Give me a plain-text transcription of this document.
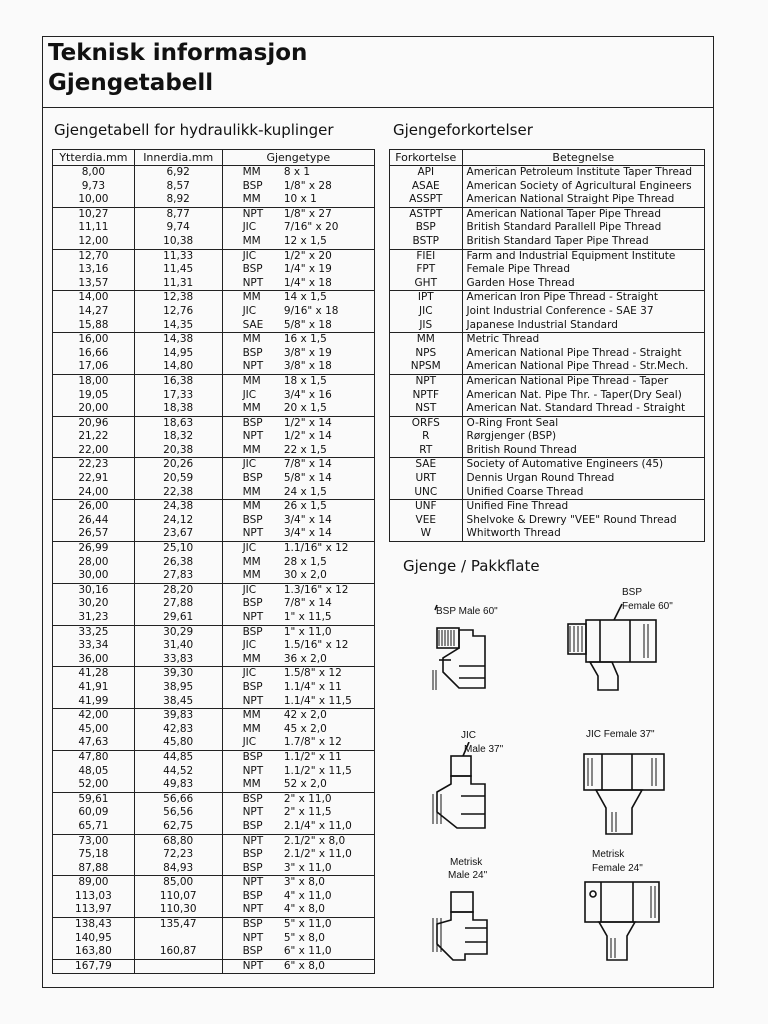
Teknisk informasjon
Gjengetabell
Gjengetabell for hydraulikk-kuplinger	Gjengeforkortelser
Ytterdia.mm	Innerdia.mm	Gjengetype	
8,00	6,92	MM	8 x 1
9,73	8,57	BSP	1/8" x 28
10,00	8,92	MM	10 x 1
10,27	8,77	NPT	1/8" x 27
11,11	9,74	JIC	7/16" x 20
12,00	10,38	MM	12 x 1,5
12,70	11,33	JIC	1/2" x 20
13,16	11,45	BSP	1/4" x 19
13,57	11,31	NPT	1/4" x 18
14,00	12,38	MM	14 x 1,5
14,27	12,76	JIC	9/16" x 18
15,88	14,35	SAE	5/8" x 18
16,00	14,38	MM	16 x 1,5
16,66	14,95	BSP	3/8" x 19
17,06	14,80	NPT	3/8" x 18
18,00	16,38	MM	18 x 1,5
19,05	17,33	JIC	3/4" x 16
20,00	18,38	MM	20 x 1,5
20,96	18,63	BSP	1/2" x 14
21,22	18,32	NPT	1/2" x 14
22,00	20,38	MM	22 x 1,5
22,23	20,26	JIC	7/8" x 14
22,91	20,59	BSP	5/8" x 14
24,00	22,38	MM	24 x 1,5
26,00	24,38	MM	26 x 1,5
26,44	24,12	BSP	3/4" x 14
26,57	23,67	NPT	3/4" x 14
26,99	25,10	JIC	1.1/16" x 12
28,00	26,38	MM	28 x 1,5
30,00	27,83	MM	30 x 2,0
30,16	28,20	JIC	1.3/16" x 12
30,20	27,88	BSP	7/8" x 14
31,23	29,61	NPT	1" x 11,5
33,25	30,29	BSP	1" x 11,0
33,34	31,40	JIC	1.5/16" x 12
36,00	33,83	MM	36 x 2,0
41,28	39,30	JIC	1.5/8" x 12
41,91	38,95	BSP	1.1/4" x 11
41,99	38,45	NPT	1.1/4" x 11,5
42,00	39,83	MM	42 x 2,0
45,00	42,83	MM	45 x 2,0
47,63	45,80	JIC	1.7/8" x 12
47,80	44,85	BSP	1.1/2" x 11
48,05	44,52	NPT	1.1/2" x 11,5
52,00	49,83	MM	52 x 2,0
59,61	56,66	BSP	2" x 11,0
60,09	56,56	NPT	2" x 11,5
65,71	62,75	BSP	2.1/4" x 11,0
73,00	68,80	NPT	2.1/2" x 8,0
75,18	72,23	BSP	2.1/2" x 11,0
87,88	84,93	BSP	3" x 11,0
89,00	85,00	NPT	3" x 8,0
113,03	110,07	BSP	4" x 11,0
113,97	110,30	NPT	4" x 8,0
138,43	135,47	BSP	5" x 11,0
140,95		NPT	5" x 8,0
163,80	160,87	BSP	6" x 11,0
167,79		NPT	6" x 8,0
Forkortelse	Betegnelse
API	American Petroleum Institute Taper Thread
ASAE	American Society of Agricultural Engineers
ASSPT	American National Straight Pipe Thread
ASTPT	American National Taper Pipe Thread
BSP	British Standard Parallell Pipe Thread
BSTP	British Standard Taper Pipe Thread
FIEI	Farm and Industrial Equipment Institute
FPT	Female Pipe Thread
GHT	Garden Hose Thread
IPT	American Iron Pipe Thread - Straight
JIC	Joint Industrial Conference - SAE 37
JIS	Japanese Industrial Standard
MM	Metric Thread
NPS	American National Pipe Thread - Straight
NPSM	American National Pipe Thread - Str.Mech.
NPT	American National Pipe Thread - Taper
NPTF	American Nat. Pipe Thr. - Taper(Dry Seal)
NST	American Nat. Standard Thread - Straight
ORFS	O-Ring Front Seal
R	Rørgjenger (BSP)
RT	British Round Thread
SAE	Society of Automative Engineers (45)
URT	Dennis Urgan Round Thread
UNC	Unified Coarse Thread
UNF	Unified Fine Thread
VEE	Shelvoke & Drewry "VEE" Round Thread
W	Whitworth Thread
Gjenge / Pakkflate
BSP Male 60"
BSP
Female 60"
JIC
Male 37"
JIC Female 37"
Metrisk
Male 24"
Metrisk
Female 24"
